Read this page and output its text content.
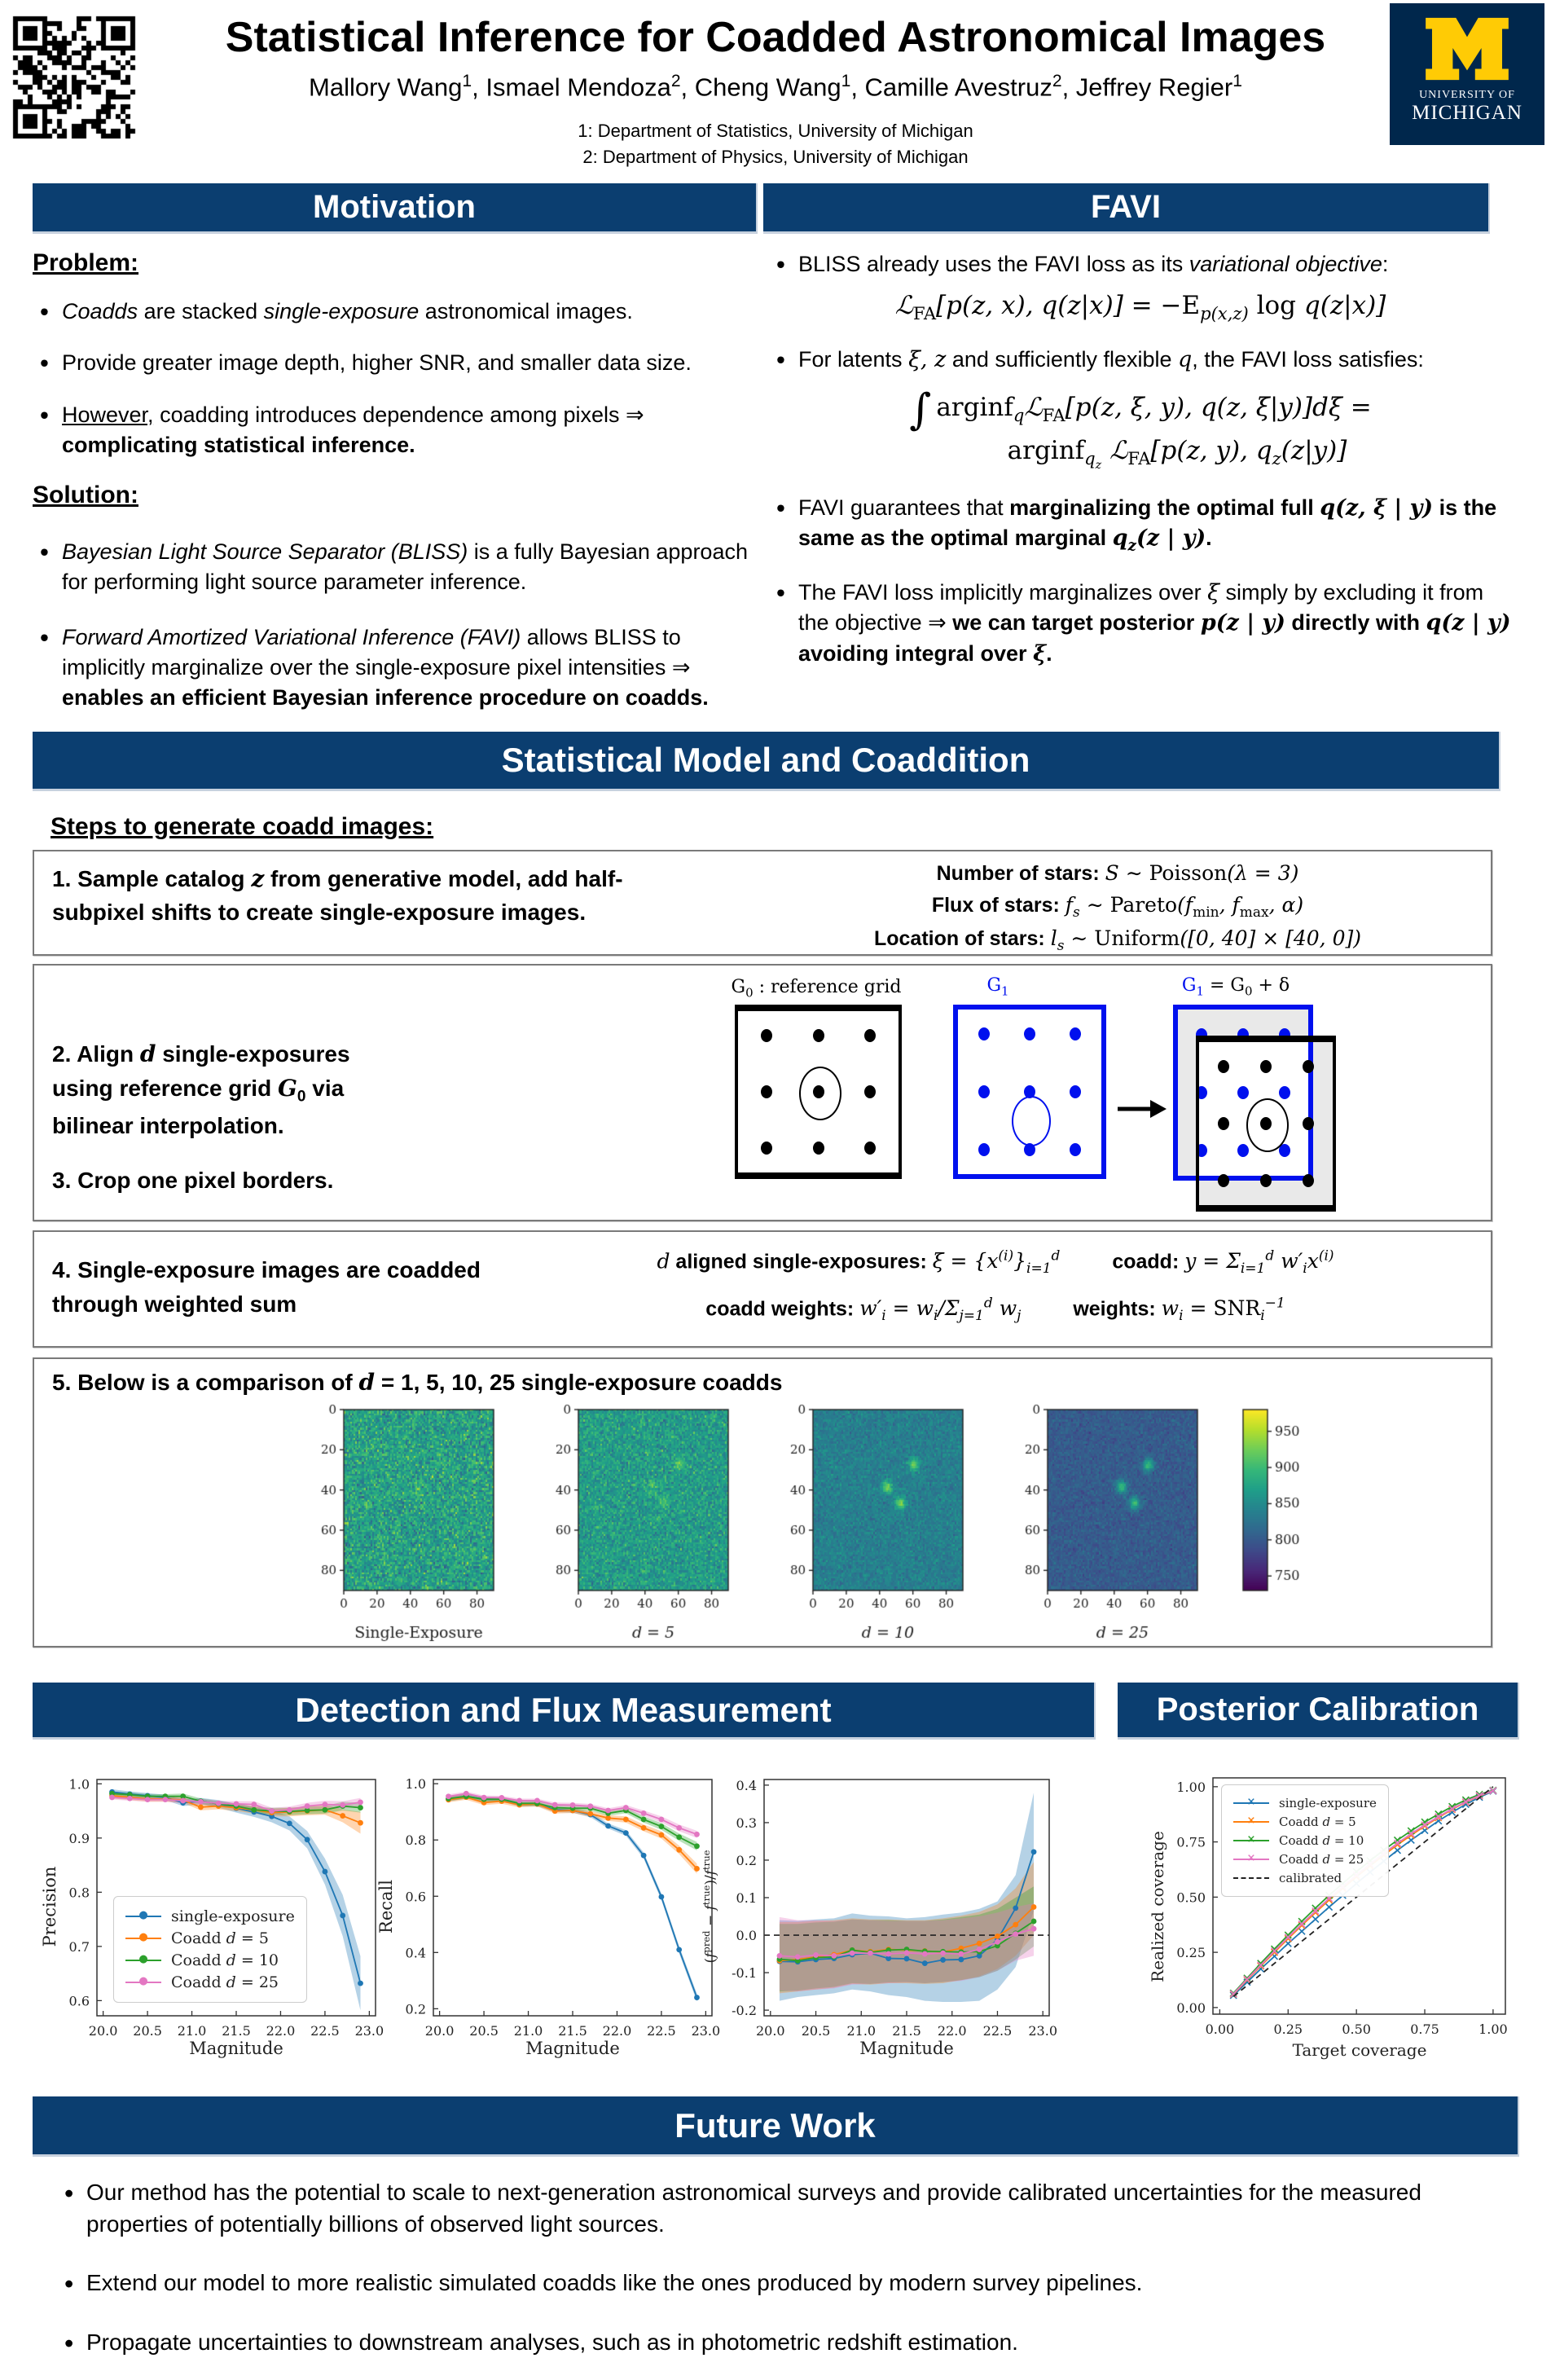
Statistical Inference for Coadded Astronomical Images
Mallory Wang$^1$, Ismael Mendoza$^2$, Cheng Wang$^1$, Camille Avestruz$^2$, Jeffrey Regier$^1$
1: Department of Statistics, University of Michigan
2: Department of Physics, University of Michigan
UNIVERSITY OF
MICHIGAN
Motivation	FAVI
Problem:
• Coadds are stacked single-exposure astronomical images.
• Provide greater image depth, higher SNR, and smaller data size.
• However, coadding introduces dependence among pixels ⇒
complicating statistical inference.
Solution:
• Bayesian Light Source Separator (BLISS) is a fully Bayesian approach for performing light source parameter inference.
• Forward Amortized Variational Inference (FAVI) allows BLISS to implicitly marginalize over the single-exposure pixel intensities ⇒ enables an efficient Bayesian inference procedure on coadds.
• BLISS already uses the FAVI loss as its variational objective:
ℒ$_{FA}$[p(z, x), $q(z|x)] = -E_{p(x,z)}$ log q(z|x)]
• For latents ξ, z and sufficiently flexible q, the FAVI loss satisfies:
∫ arginf$_q$ℒ$_{FA}$[p(z, ξ, y), q(z, ξ|y)]dξ =
arginf$_{q_z}$ ℒ$_{FA}$[p(z, y), $q_z(z|y)$]
• FAVI guarantees that marginalizing the optimal full q(z, ξ | y) is the same as the optimal marginal $q_z(z$ | y).
• The FAVI loss implicitly marginalizes over ξ simply by excluding it from the objective ⇒ we can target posterior p(z | y) directly with q(z | y) avoiding integral over ξ.
Statistical Model and Coaddition
Steps to generate coadd images:
1. Sample catalog z from generative model, add half-subpixel shifts to create single-exposure images.
Number of stars: S ∼ Poisson(λ = 3)
Flux of stars: $f_s$ ∼ $Pareto(f_{min}$, $f_{max}$, α)
Location of stars: $l_s$ ∼ Uniform([0, 40] × [40, 0])
2. Align d single-exposures using reference grid $G_0$ via bilinear interpolation.
3. Crop one pixel borders.
$G_0$ : reference grid	$G_1$	$G_1 = G_0 + \delta$
4. Single-exposure images are coadded through weighted sum
d aligned single-exposures: $\xi = \{x^{(i)}\}_{i=1}^d$   	coadd: $y = \Sigma_{i=1}^d$ $w'_ix^{(i)}$
coadd weights: $w'_i = w_i/\Sigma_{j=1}^d$ $w_j$   	weights: $w_i = SNR_i^{-1}$
5. Below is a comparison of d = 1, 5, 10, 25 single-exposure coadds
Detection and Flux Measurement	Posterior Calibration
20.0 20.5 21.0 21.5 22.0 22.5 23.0
0.6
0.7
0.8
0.9
1.0
Precision
Magnitude
●	single-exposure
●	Coadd d = 5
●	Coadd d = 10
●	Coadd d = 25
20.0 20.5 21.0 21.5 22.0 22.5 23.0
0.2
0.4
0.6
0.8
1.0
Recall
Magnitude
20.0 20.5 21.0 21.5 22.0 22.5 23.0
-0.2
-0.1
0.0
0.1
0.2
0.3
0.4
$(f^{pred} - f^{true})/f^{true}$
Magnitude
0.00	0.25	0.50	0.75	1.00
0.00
0.25
0.50
0.75
1.00
Realized coverage
Target coverage
×	single-exposure
×	Coadd d = 5
×	Coadd d = 10
×	Coadd d = 25
calibrated
Future Work
• Our method has the potential to scale to next-generation astronomical surveys and provide calibrated uncertainties for the measured properties of potentially billions of observed light sources.
• Extend our model to more realistic simulated coadds like the ones produced by modern survey pipelines.
• Propagate uncertainties to downstream analyses, such as in photometric redshift estimation.
